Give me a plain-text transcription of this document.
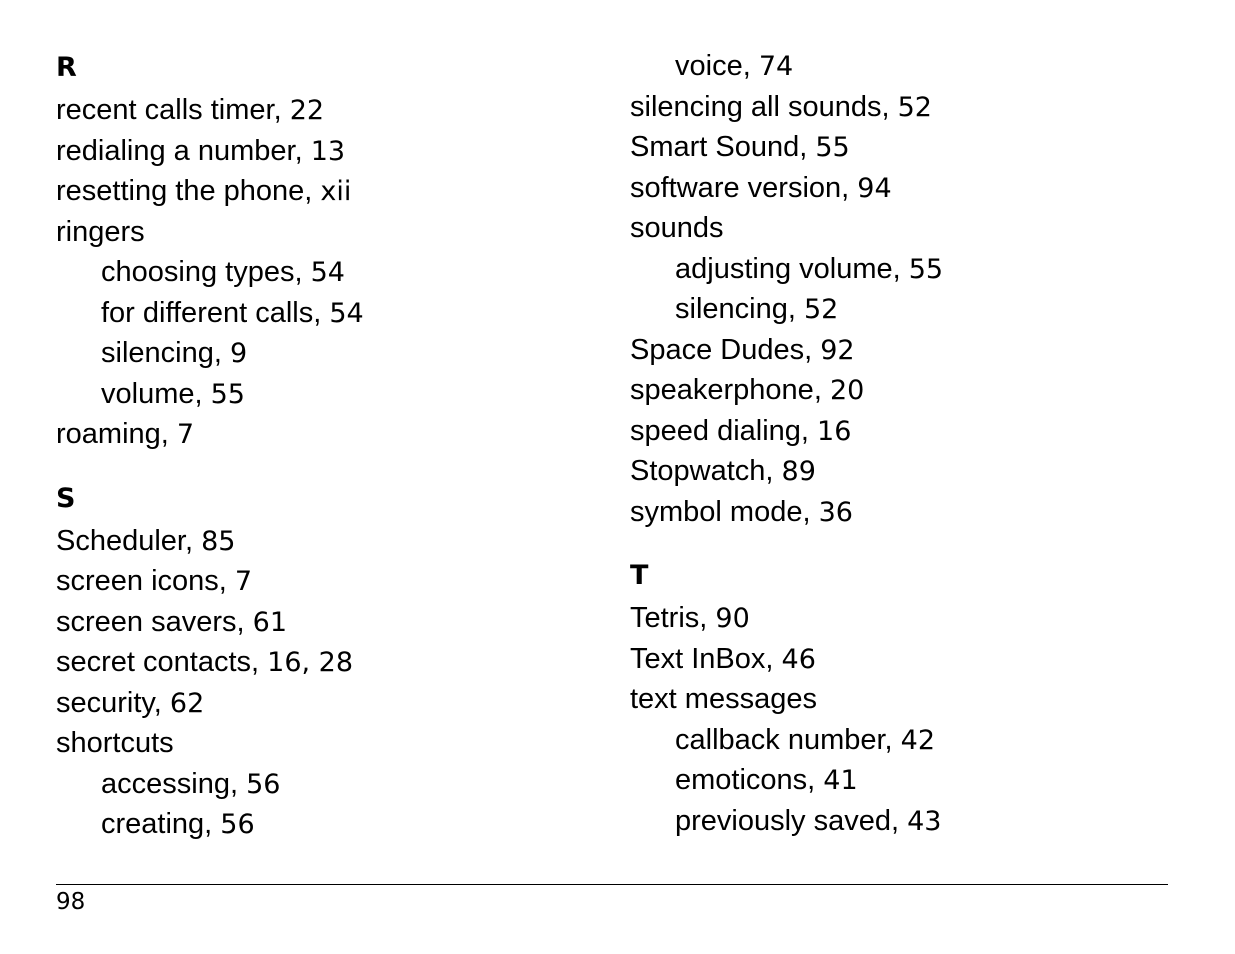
R
recent calls timer, 22
redialing a number, 13
resetting the phone, xii
ringers
choosing types, 54
for different calls, 54
silencing, 9
volume, 55
roaming, 7
S
Scheduler, 85
screen icons, 7
screen savers, 61
secret contacts, 16, 28
security, 62
shortcuts
accessing, 56
creating, 56
voice, 74
silencing all sounds, 52
Smart Sound, 55
software version, 94
sounds
adjusting volume, 55
silencing, 52
Space Dudes, 92
speakerphone, 20
speed dialing, 16
Stopwatch, 89
symbol mode, 36
T
Tetris, 90
Text InBox, 46
text messages
callback number, 42
emoticons, 41
previously saved, 43
98
